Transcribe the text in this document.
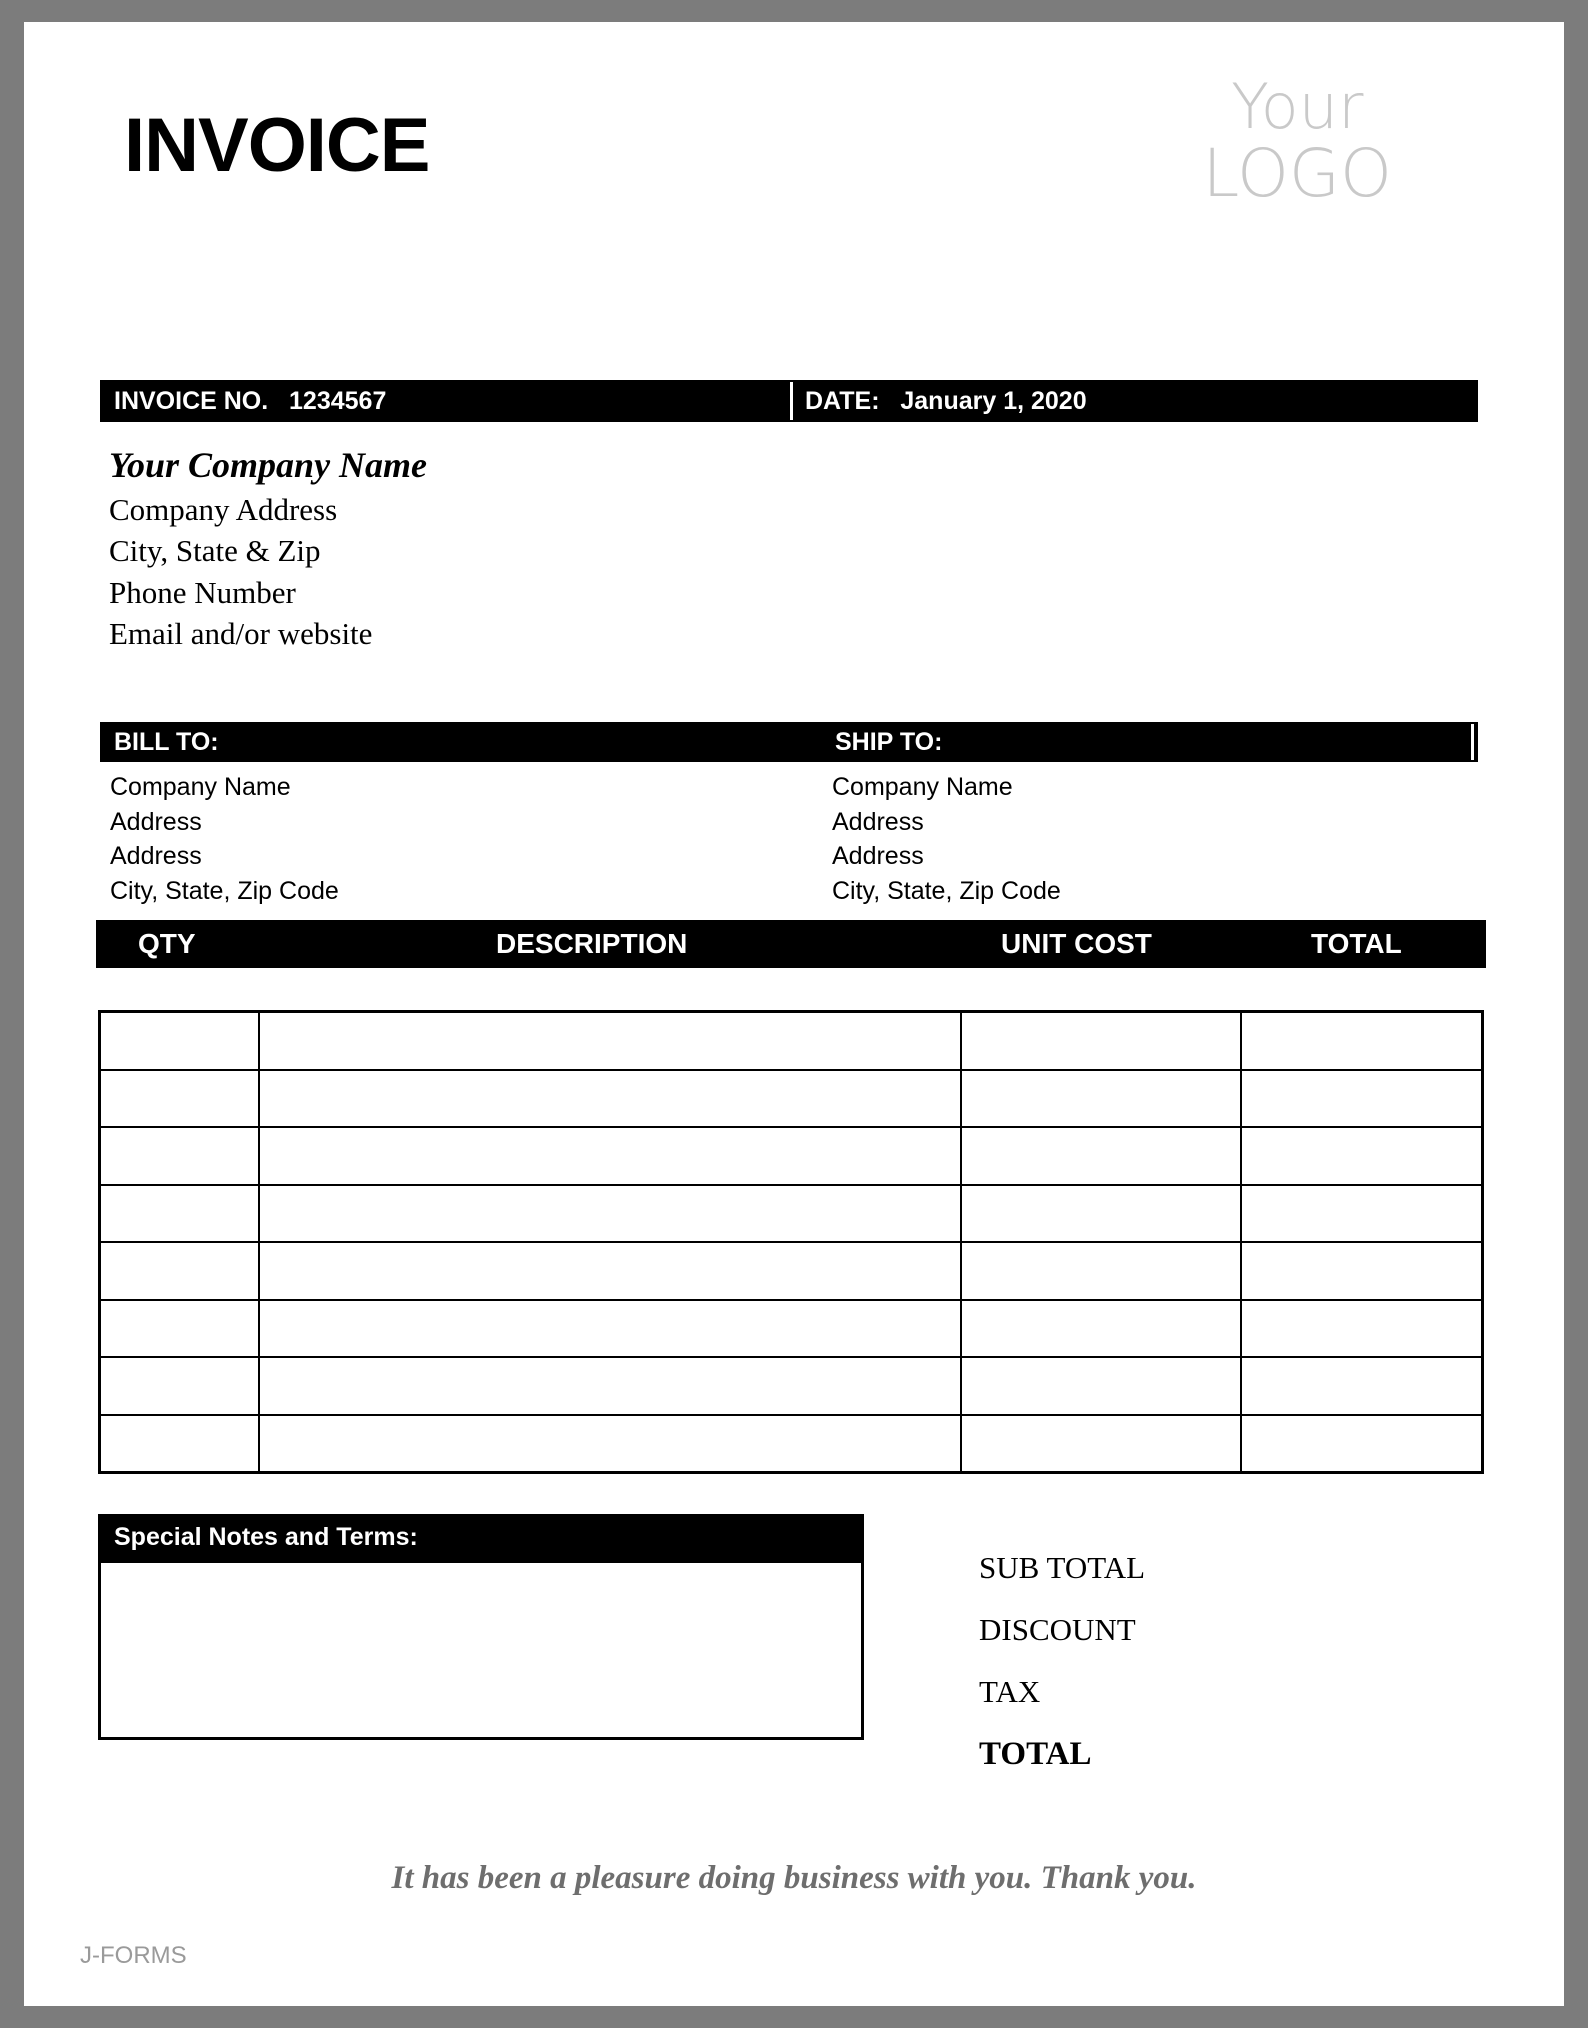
INVOICE	Your
LOGO
INVOICE NO. 1234567	DATE: January 1, 2020
Your Company Name
Company Address
City, State & Zip
Phone Number
Email and/or website
BILL TO:	SHIP TO:
Company Name
Address
Address
City, State, Zip Code
Company Name
Address
Address
City, State, Zip Code
QTY	DESCRIPTION	UNIT COST	TOTAL
Special Notes and Terms:
SUB TOTAL
DISCOUNT
TAX
TOTAL
It has been a pleasure doing business with you. Thank you.
J-FORMS
